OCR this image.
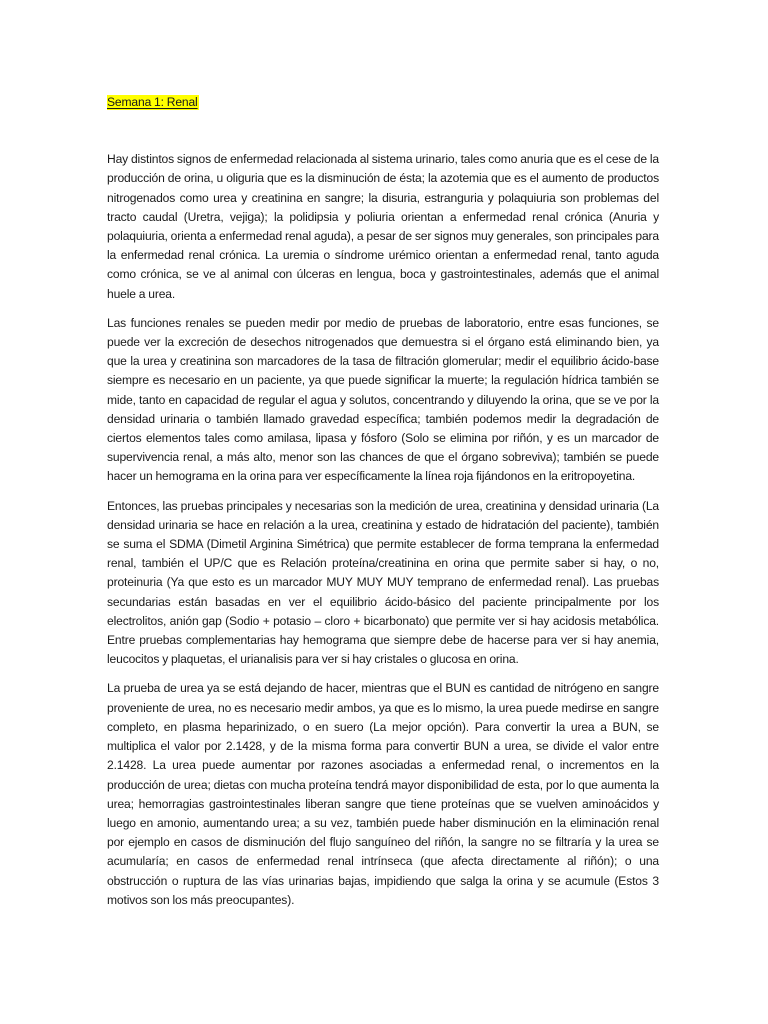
Semana 1: Renal

Hay distintos signos de enfermedad relacionada al sistema urinario, tales como anuria que es el cese de la producción de orina, u oliguria que es la disminución de ésta; la azotemia que es el aumento de productos nitrogenados como urea y creatinina en sangre; la disuria, estranguria y polaquiuria son problemas del tracto caudal (Uretra, vejiga); la polidipsia y poliuria orientan a enfermedad renal crónica (Anuria y polaquiuria, orienta a enfermedad renal aguda), a pesar de ser signos muy generales, son principales para la enfermedad renal crónica. La uremia o síndrome urémico orientan a enfermedad renal, tanto aguda como crónica, se ve al animal con úlceras en lengua, boca y gastrointestinales, además que el animal huele a urea.

Las funciones renales se pueden medir por medio de pruebas de laboratorio, entre esas funciones, se puede ver la excreción de desechos nitrogenados que demuestra si el órgano está eliminando bien, ya que la urea y creatinina son marcadores de la tasa de filtración glomerular; medir el equilibrio ácido-base siempre es necesario en un paciente, ya que puede significar la muerte; la regulación hídrica también se mide, tanto en capacidad de regular el agua y solutos, concentrando y diluyendo la orina, que se ve por la densidad urinaria o también llamado gravedad específica; también podemos medir la degradación de ciertos elementos tales como amilasa, lipasa y fósforo (Solo se elimina por riñón, y es un marcador de supervivencia renal, a más alto, menor son las chances de que el órgano sobreviva); también se puede hacer un hemograma en la orina para ver específicamente la línea roja fijándonos en la eritropoyetina.

Entonces, las pruebas principales y necesarias son la medición de urea, creatinina y densidad urinaria (La densidad urinaria se hace en relación a la urea, creatinina y estado de hidratación del paciente), también se suma el SDMA (Dimetil Arginina Simétrica) que permite establecer de forma temprana la enfermedad renal, también el UP/C que es Relación proteína/creatinina en orina que permite saber si hay, o no, proteinuria (Ya que esto es un marcador MUY MUY MUY temprano de enfermedad renal). Las pruebas secundarias están basadas en ver el equilibrio ácido-básico del paciente principalmente por los electrolitos, anión gap (Sodio + potasio – cloro + bicarbonato) que permite ver si hay acidosis metabólica. Entre pruebas complementarias hay hemograma que siempre debe de hacerse para ver si hay anemia, leucocitos y plaquetas, el urianalisis para ver si hay cristales o glucosa en orina.

La prueba de urea ya se está dejando de hacer, mientras que el BUN es cantidad de nitrógeno en sangre proveniente de urea, no es necesario medir ambos, ya que es lo mismo, la urea puede medirse en sangre completo, en plasma heparinizado, o en suero (La mejor opción). Para convertir la urea a BUN, se multiplica el valor por 2.1428, y de la misma forma para convertir BUN a urea, se divide el valor entre 2.1428. La urea puede aumentar por razones asociadas a enfermedad renal, o incrementos en la producción de urea; dietas con mucha proteína tendrá mayor disponibilidad de esta, por lo que aumenta la urea; hemorragias gastrointestinales liberan sangre que tiene proteínas que se vuelven aminoácidos y luego en amonio, aumentando urea; a su vez, también puede haber disminución en la eliminación renal por ejemplo en casos de disminución del flujo sanguíneo del riñón, la sangre no se filtraría y la urea se acumularía; en casos de enfermedad renal intrínseca (que afecta directamente al riñón); o una obstrucción o ruptura de las vías urinarias bajas, impidiendo que salga la orina y se acumule (Estos 3 motivos son los más preocupantes).
